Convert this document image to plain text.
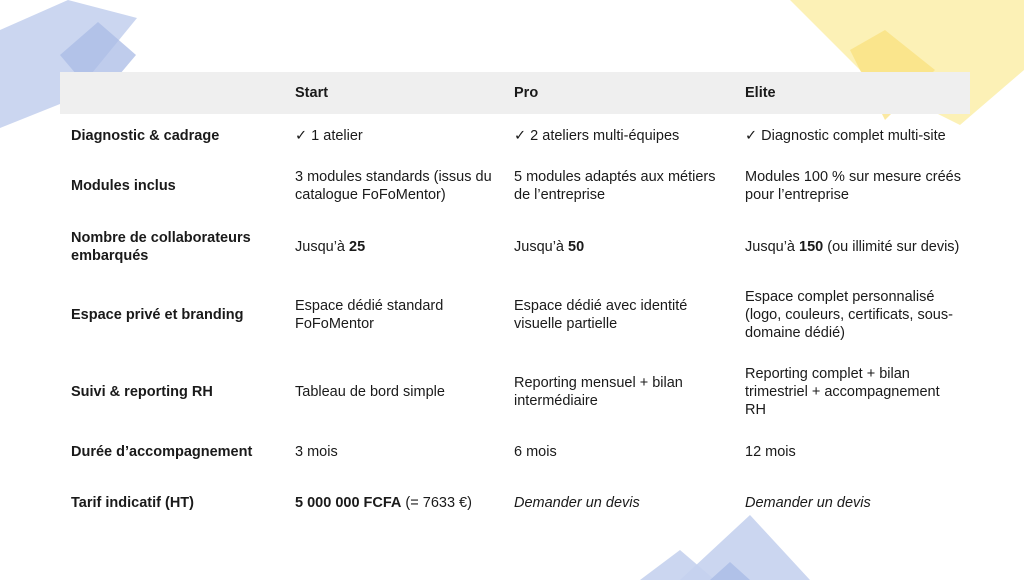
	Start	Pro	Elite
Diagnostic & cadrage	✓ 1 atelier	✓ 2 ateliers multi-équipes	✓ Diagnostic complet multi-site
Modules inclus	3 modules standards (issus du catalogue FoFoMentor)	5 modules adaptés aux métiers de l’entreprise	Modules 100 % sur mesure créés pour l’entreprise
Nombre de collaborateurs embarqués	Jusqu’à 25	Jusqu’à 50	Jusqu’à 150 (ou illimité sur devis)
Espace privé et branding	Espace dédié standard FoFoMentor	Espace dédié avec identité visuelle partielle	Espace complet personnalisé (logo, couleurs, certificats, sous-domaine dédié)
Suivi & reporting RH	Tableau de bord simple	Reporting mensuel + bilan intermédiaire	Reporting complet + bilan trimestriel + accompagnement RH
Durée d’accompagnement	3 mois	6 mois	12 mois
Tarif indicatif (HT)	5 000 000 FCFA (= 7633 €)	Demander un devis	Demander un devis
